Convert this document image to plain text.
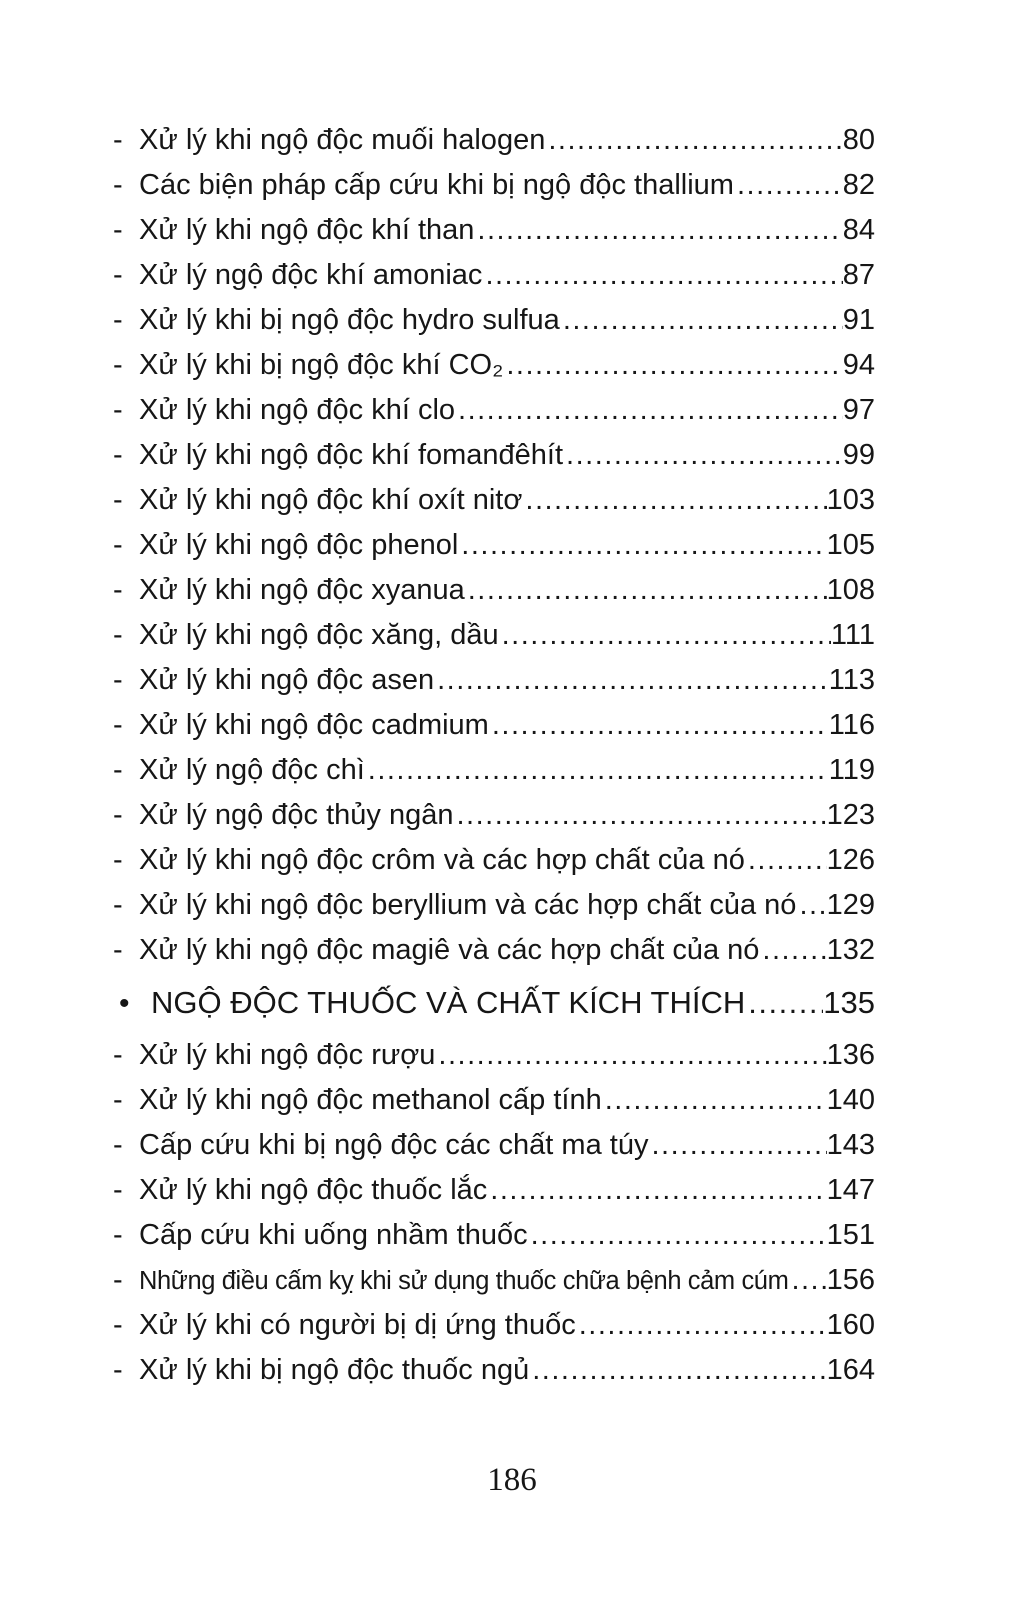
- Xử lý khi ngộ độc muối halogen .....	80
- Các biện pháp cấp cứu khi bị ngộ độc thallium .....	82
- Xử lý khi ngộ độc khí than .....	84
- Xử lý ngộ độc khí amoniac .....	87
- Xử lý khi bị ngộ độc hydro sulfua .....	91
- Xử lý khi bị ngộ độc khí CO₂ .....	94
- Xử lý khi ngộ độc khí clo .....	97
- Xử lý khi ngộ độc khí fomanđêhít .....	99
- Xử lý khi ngộ độc khí oxít nitơ .....	103
- Xử lý khi ngộ độc phenol .....	105
- Xử lý khi ngộ độc xyanua .....	108
- Xử lý khi ngộ độc xăng, dầu .....	111
- Xử lý khi ngộ độc asen .....	113
- Xử lý khi ngộ độc cadmium .....	116
- Xử lý ngộ độc chì .....	119
- Xử lý ngộ độc thủy ngân .....	123
- Xử lý khi ngộ độc crôm và các hợp chất của nó .....	126
- Xử lý khi ngộ độc beryllium và các hợp chất của nó ..... 129
- Xử lý khi ngộ độc magiê và các hợp chất của nó ..... 132
• NGỘ ĐỘC THUỐC VÀ CHẤT KÍCH THÍCH .....	135
- Xử lý khi ngộ độc rượu .....	136
- Xử lý khi ngộ độc methanol cấp tính .....	140
- Cấp cứu khi bị ngộ độc các chất ma túy .....	143
- Xử lý khi ngộ độc thuốc lắc .....	147
- Cấp cứu khi uống nhầm thuốc .....	151
- Những điều cấm kỵ khi sử dụng thuốc chữa bệnh cảm cúm ..... 156
- Xử lý khi có người bị dị ứng thuốc .....	160
- Xử lý khi bị ngộ độc thuốc ngủ .....	164
186
